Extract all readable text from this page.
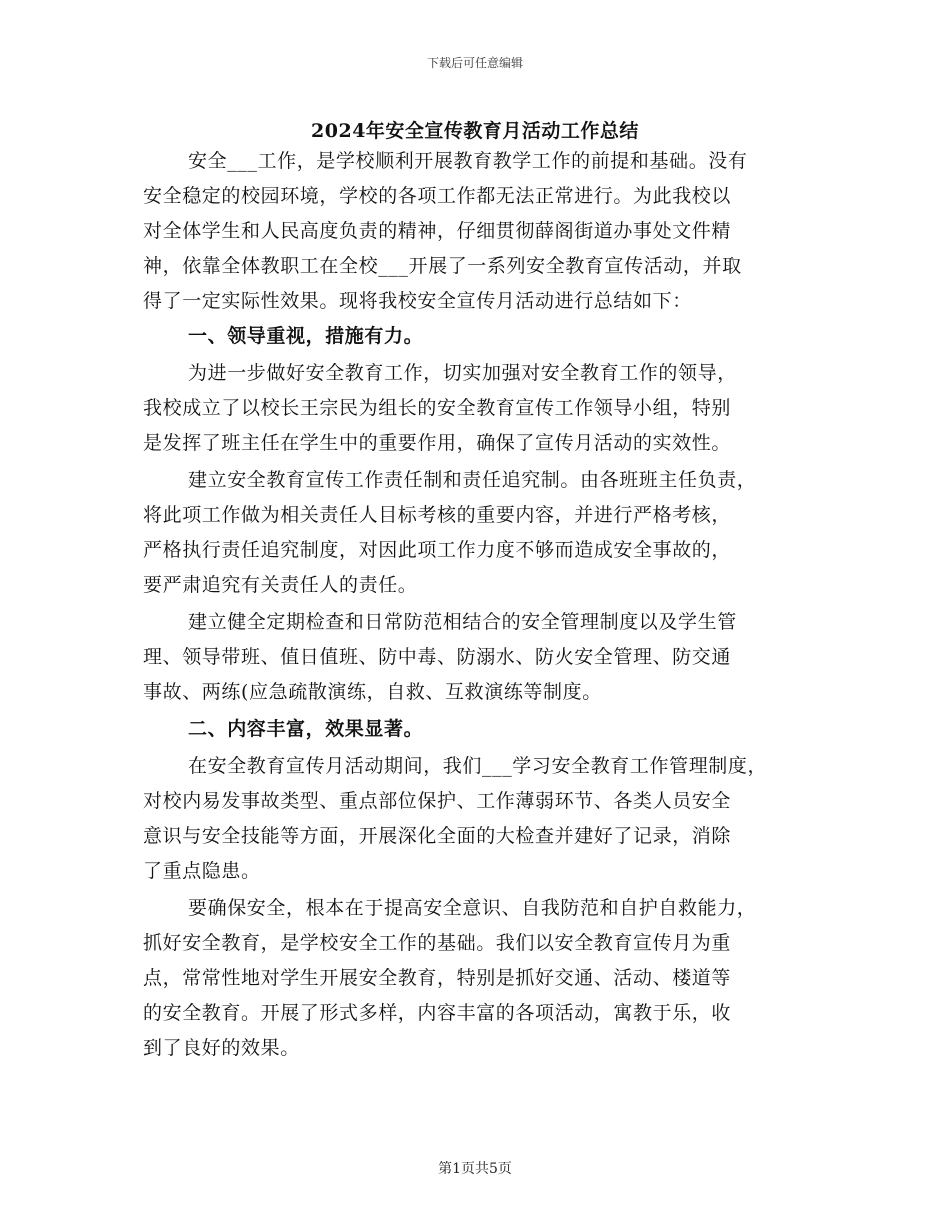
下载后可任意编辑
2024年安全宣传教育月活动工作总结
安全___工作，是学校顺利开展教育教学工作的前提和基础。没有
安全稳定的校园环境，学校的各项工作都无法正常进行。为此我校以
对全体学生和人民高度负责的精神，仔细贯彻薛阁街道办事处文件精
神，依靠全体教职工在全校___开展了一系列安全教育宣传活动，并取
得了一定实际性效果。现将我校安全宣传月活动进行总结如下：
一、领导重视，措施有力。
为进一步做好安全教育工作，切实加强对安全教育工作的领导，
我校成立了以校长王宗民为组长的安全教育宣传工作领导小组，特别
是发挥了班主任在学生中的重要作用，确保了宣传月活动的实效性。
建立安全教育宣传工作责任制和责任追究制。由各班班主任负责，
将此项工作做为相关责任人目标考核的重要内容，并进行严格考核，
严格执行责任追究制度，对因此项工作力度不够而造成安全事故的，
要严肃追究有关责任人的责任。
建立健全定期检查和日常防范相结合的安全管理制度以及学生管
理、领导带班、值日值班、防中毒、防溺水、防火安全管理、防交通
事故、两练(应急疏散演练，自救、互救演练等制度。
二、内容丰富，效果显著。
在安全教育宣传月活动期间，我们___学习安全教育工作管理制度，
对校内易发事故类型、重点部位保护、工作薄弱环节、各类人员安全
意识与安全技能等方面，开展深化全面的大检查并建好了记录，消除
了重点隐患。
要确保安全，根本在于提高安全意识、自我防范和自护自救能力，
抓好安全教育，是学校安全工作的基础。我们以安全教育宣传月为重
点，常常性地对学生开展安全教育，特别是抓好交通、活动、楼道等
的安全教育。开展了形式多样，内容丰富的各项活动，寓教于乐，收
到了良好的效果。
第1页共5页
